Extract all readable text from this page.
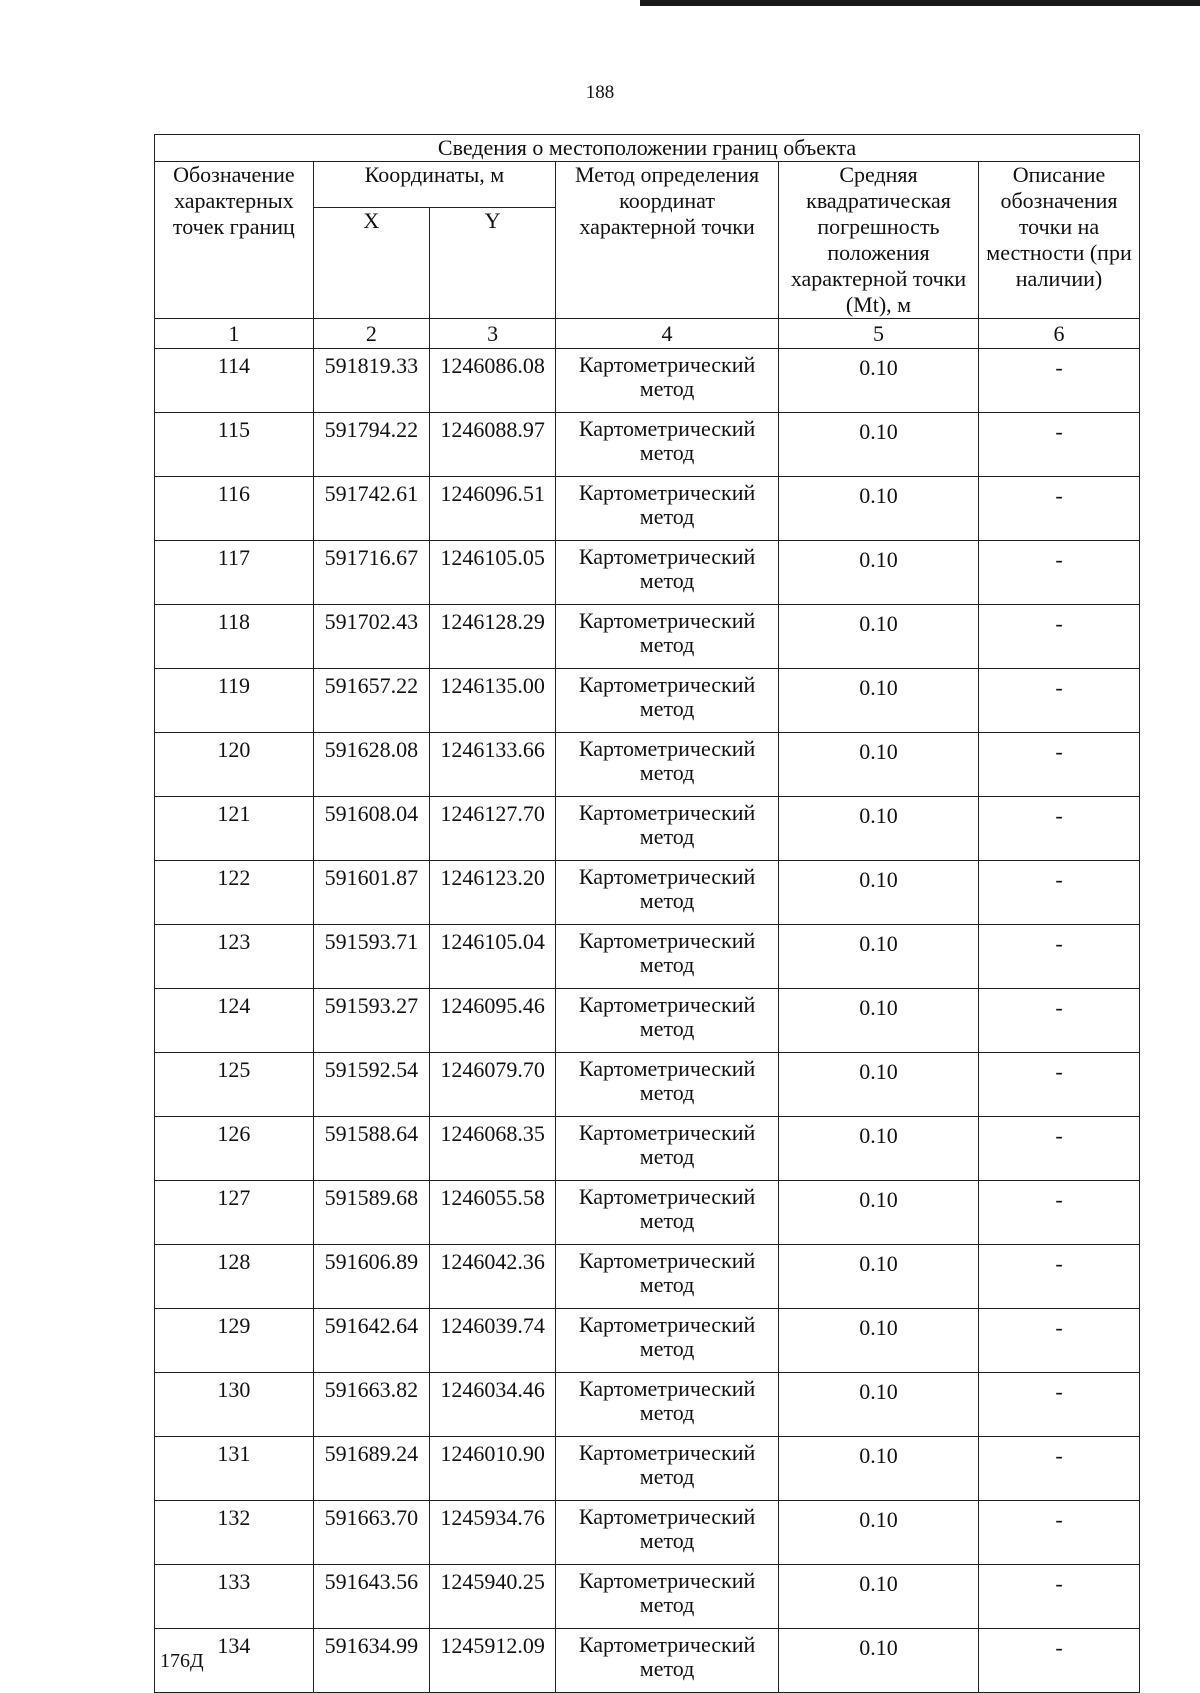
188
Сведения о местоположении границ объекта					
Обозначение характерных точек границ	Координаты, м		Метод определения координат характерной точки	Средняя квадратическая погрешность положения характерной точки (Mt), м	Описание обозначения точки на местности (при наличии)
	X	Y			
1	2	3	4	5	6
114	591819.33	1246086.08	Картометрический метод	0.10	-
115	591794.22	1246088.97	Картометрический метод	0.10	-
116	591742.61	1246096.51	Картометрический метод	0.10	-
117	591716.67	1246105.05	Картометрический метод	0.10	-
118	591702.43	1246128.29	Картометрический метод	0.10	-
119	591657.22	1246135.00	Картометрический метод	0.10	-
120	591628.08	1246133.66	Картометрический метод	0.10	-
121	591608.04	1246127.70	Картометрический метод	0.10	-
122	591601.87	1246123.20	Картометрический метод	0.10	-
123	591593.71	1246105.04	Картометрический метод	0.10	-
124	591593.27	1246095.46	Картометрический метод	0.10	-
125	591592.54	1246079.70	Картометрический метод	0.10	-
126	591588.64	1246068.35	Картометрический метод	0.10	-
127	591589.68	1246055.58	Картометрический метод	0.10	-
128	591606.89	1246042.36	Картометрический метод	0.10	-
129	591642.64	1246039.74	Картометрический метод	0.10	-
130	591663.82	1246034.46	Картометрический метод	0.10	-
131	591689.24	1246010.90	Картометрический метод	0.10	-
132	591663.70	1245934.76	Картометрический метод	0.10	-
133	591643.56	1245940.25	Картометрический метод	0.10	-
134	591634.99	1245912.09	Картометрический метод	0.10	-
176Д
